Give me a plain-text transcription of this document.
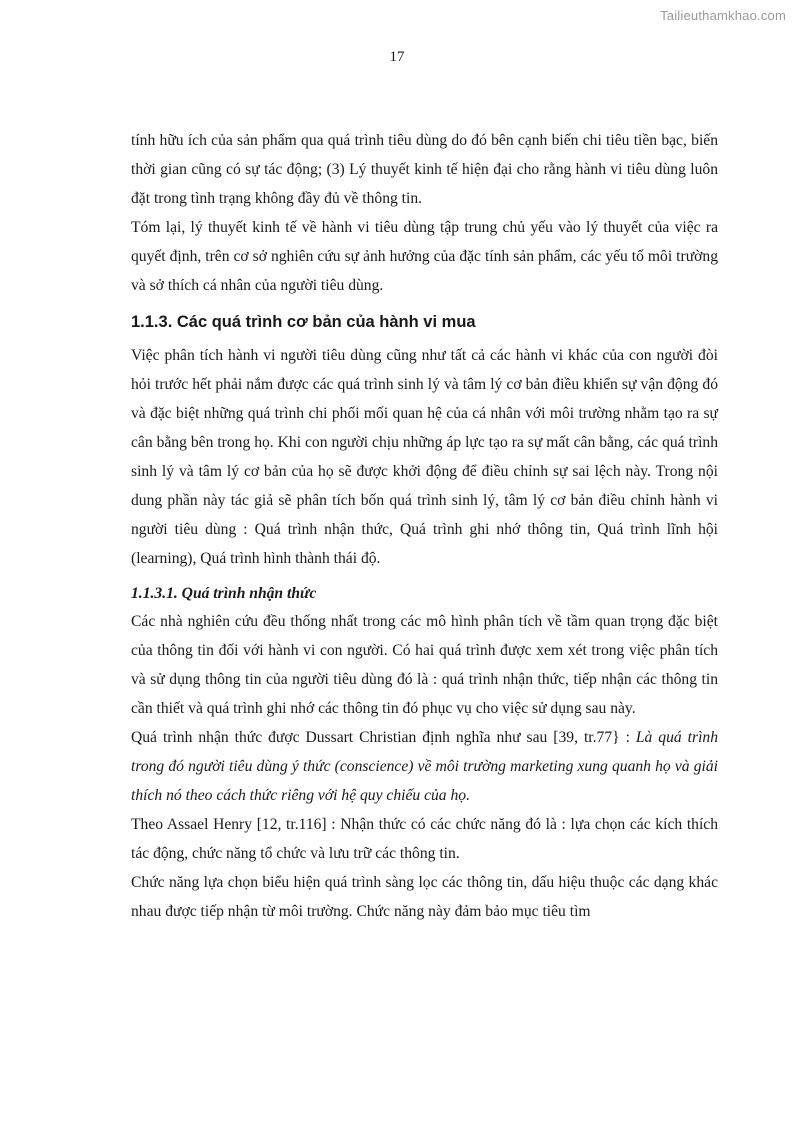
Tailieuthamkhao.com
17

tính hữu ích của sản phẩm qua quá trình tiêu dùng do đó bên cạnh biến chi tiêu tiền bạc, biến thời gian cũng có sự tác động; (3) Lý thuyết kinh tế hiện đại cho rằng hành vi tiêu dùng luôn đặt trong tình trạng không đầy đủ về thông tin.

Tóm lại, lý thuyết kinh tế về hành vi tiêu dùng tập trung chủ yếu vào lý thuyết của việc ra quyết định, trên cơ sở nghiên cứu sự ảnh hưởng của đặc tính sản phẩm, các yếu tố môi trường và sở thích cá nhân của người tiêu dùng.

1.1.3. Các quá trình cơ bản của hành vi mua

Việc phân tích hành vi người tiêu dùng cũng như tất cả các hành vi khác của con người đòi hỏi trước hết phải nắm được các quá trình sinh lý và tâm lý cơ bản điều khiển sự vận động đó và đặc biệt những quá trình chi phối mối quan hệ của cá nhân với môi trường nhằm tạo ra sự cân bằng bên trong họ. Khi con người chịu những áp lực tạo ra sự mất cân bằng, các quá trình sinh lý và tâm lý cơ bản của họ sẽ được khởi động để điều chỉnh sự sai lệch này. Trong nội dung phần này tác giả sẽ phân tích bốn quá trình sinh lý, tâm lý cơ bản điều chỉnh hành vi người tiêu dùng : Quá trình nhận thức, Quá trình ghi nhớ thông tin, Quá trình lĩnh hội (learning), Quá trình hình thành thái độ.

1.1.3.1. Quá trình nhận thức

Các nhà nghiên cứu đều thống nhất trong các mô hình phân tích về tầm quan trọng đặc biệt của thông tin đối với hành vi con người. Có hai quá trình được xem xét trong việc phân tích và sử dụng thông tin của người tiêu dùng đó là : quá trình nhận thức, tiếp nhận các thông tin cần thiết và quá trình ghi nhớ các thông tin đó phục vụ cho việc sử dụng sau này.

Quá trình nhận thức được Dussart Christian định nghĩa như sau [39, tr.77} : Là quá trình trong đó người tiêu dùng ý thức (conscience) về môi trường marketing xung quanh họ và giải thích nó theo cách thức riêng với hệ quy chiếu của họ.

Theo Assael Henry [12, tr.116] : Nhận thức có các chức năng đó là : lựa chọn các kích thích tác động, chức năng tổ chức và lưu trữ các thông tin.

Chức năng lựa chọn biểu hiện quá trình sàng lọc các thông tin, dấu hiệu thuộc các dạng khác nhau được tiếp nhận từ môi trường. Chức năng này đảm bảo mục tiêu tìm
